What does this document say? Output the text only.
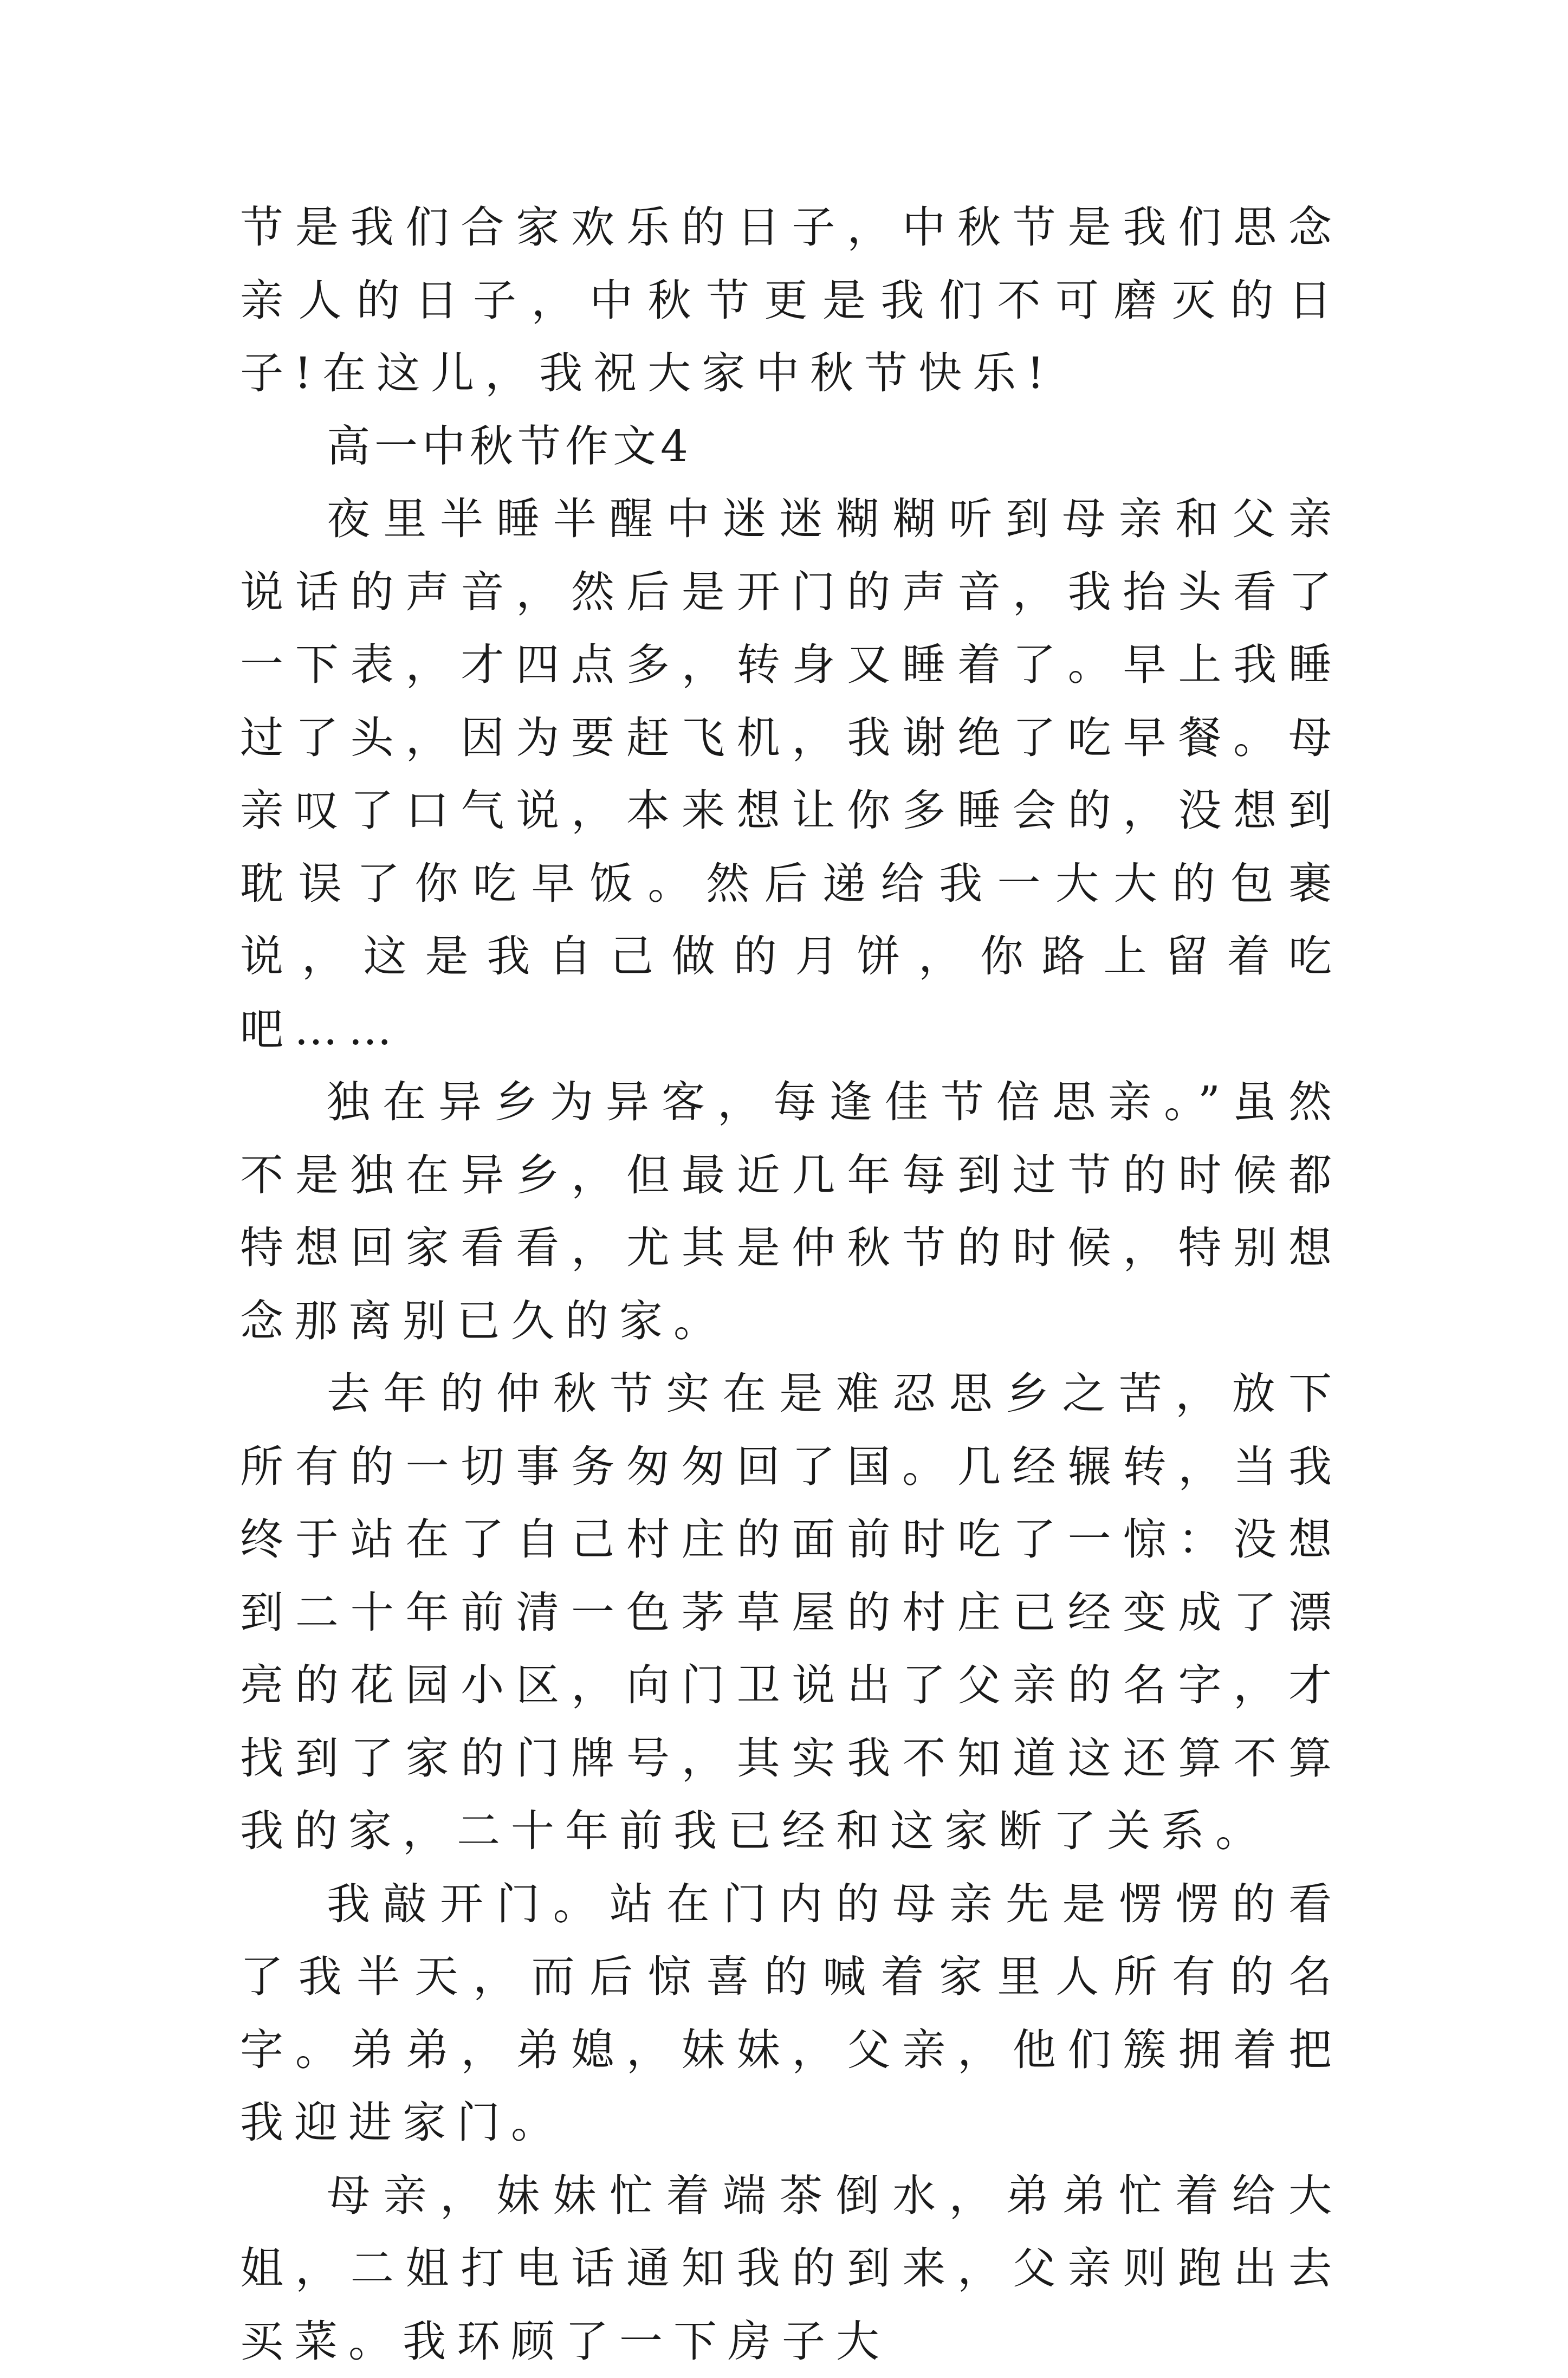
节是我们合家欢乐的日子，中秋节是我们思念亲人的日子，中秋节更是我们不可磨灭的日子!在这儿，我祝大家中秋节快乐!

高一中秋节作文4

夜里半睡半醒中迷迷糊糊听到母亲和父亲说话的声音，然后是开门的声音，我抬头看了一下表，才四点多，转身又睡着了。早上我睡过了头，因为要赶飞机，我谢绝了吃早餐。母亲叹了口气说，本来想让你多睡会的，没想到耽误了你吃早饭。然后递给我一大大的包裹说，这是我自己做的月饼，你路上留着吃吧……

独在异乡为异客，每逢佳节倍思亲。”虽然不是独在异乡，但最近几年每到过节的时候都特想回家看看，尤其是仲秋节的时候，特别想念那离别已久的家。

去年的仲秋节实在是难忍思乡之苦，放下所有的一切事务匆匆回了国。几经辗转，当我终于站在了自己村庄的面前时吃了一惊：没想到二十年前清一色茅草屋的村庄已经变成了漂亮的花园小区，向门卫说出了父亲的名字，才找到了家的门牌号，其实我不知道这还算不算我的家，二十年前我已经和这家断了关系。

我敲开门。站在门内的母亲先是愣愣的看了我半天，而后惊喜的喊着家里人所有的名字。弟弟，弟媳，妹妹，父亲，他们簇拥着把我迎进家门。

母亲，妹妹忙着端茶倒水，弟弟忙着给大姐，二姐打电话通知我的到来，父亲则跑出去买菜。我环顾了一下房子大
